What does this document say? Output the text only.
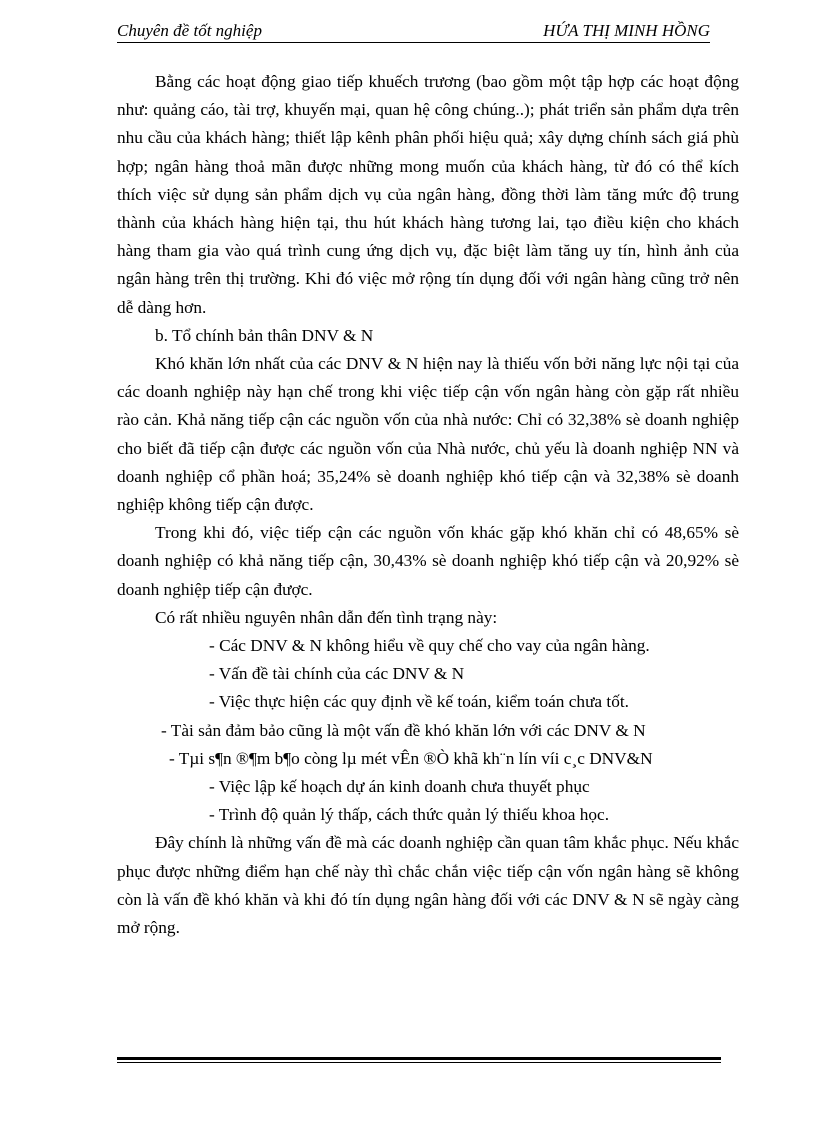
Chuyên đề tốt nghiệp	HỨA THỊ MINH HỒNG

Bằng các hoạt động giao tiếp khuếch trương (bao gồm một tập hợp các hoạt động như: quảng cáo, tài trợ, khuyến mại, quan hệ công chúng..); phát triển sản phẩm dựa trên nhu cầu của khách hàng; thiết lập kênh phân phối hiệu quả; xây dựng chính sách giá phù hợp; ngân hàng thoả mãn được những mong muốn của khách hàng, từ đó có thể kích thích việc sử dụng sản phẩm dịch vụ của ngân hàng, đồng thời làm tăng mức độ trung thành của khách hàng hiện tại, thu hút khách hàng tương lai, tạo điều kiện cho khách hàng tham gia vào quá trình cung ứng dịch vụ, đặc biệt làm tăng uy tín, hình ảnh của ngân hàng trên thị trường. Khi đó việc mở rộng tín dụng đối với ngân hàng cũng trở nên dễ dàng hơn.

b. Tổ chính bản thân DNV & N

Khó khăn lớn nhất của các DNV & N hiện nay là thiếu vốn bởi năng lực nội tại của các doanh nghiệp này hạn chế trong khi việc tiếp cận vốn ngân hàng còn gặp rất nhiều rào cản. Khả năng tiếp cận các nguồn vốn của nhà nước: Chỉ có 32,38% sè doanh nghiệp cho biết đã tiếp cận được các nguồn vốn của Nhà nước, chủ yếu là doanh nghiệp NN và doanh nghiệp cổ phần hoá; 35,24% sè doanh nghiệp khó tiếp cận và 32,38% sè doanh nghiệp không tiếp cận được.

Trong khi đó, việc tiếp cận các nguồn vốn khác gặp khó khăn chỉ có 48,65% sè doanh nghiệp có khả năng tiếp cận, 30,43% sè doanh nghiệp khó tiếp cận và 20,92% sè doanh nghiệp tiếp cận được.

Có rất nhiều nguyên nhân dẫn đến tình trạng này:

- Các DNV & N không hiểu về quy chế cho vay của ngân hàng.

- Vấn đề tài chính của các DNV & N

- Việc thực hiện các quy định về kế toán, kiểm toán chưa tốt.

- Tài sản đảm bảo cũng là một vấn đề khó khăn lớn với các DNV & N

- Tµi s¶n ®¶m b¶o còng lµ mét vÊn ®Ò khã kh¨n lín víi c¸c DNV&N

- Việc lập kế hoạch dự án kinh doanh chưa thuyết phục

- Trình độ quản lý thấp, cách thức quản lý thiếu khoa học.

Đây chính là những vấn đề mà các doanh nghiệp cần quan tâm khắc phục. Nếu khắc phục được những điểm hạn chế này thì chắc chắn việc tiếp cận vốn ngân hàng sẽ không còn là vấn đề khó khăn và khi đó tín dụng ngân hàng đối với các DNV & N sẽ ngày càng mở rộng.
